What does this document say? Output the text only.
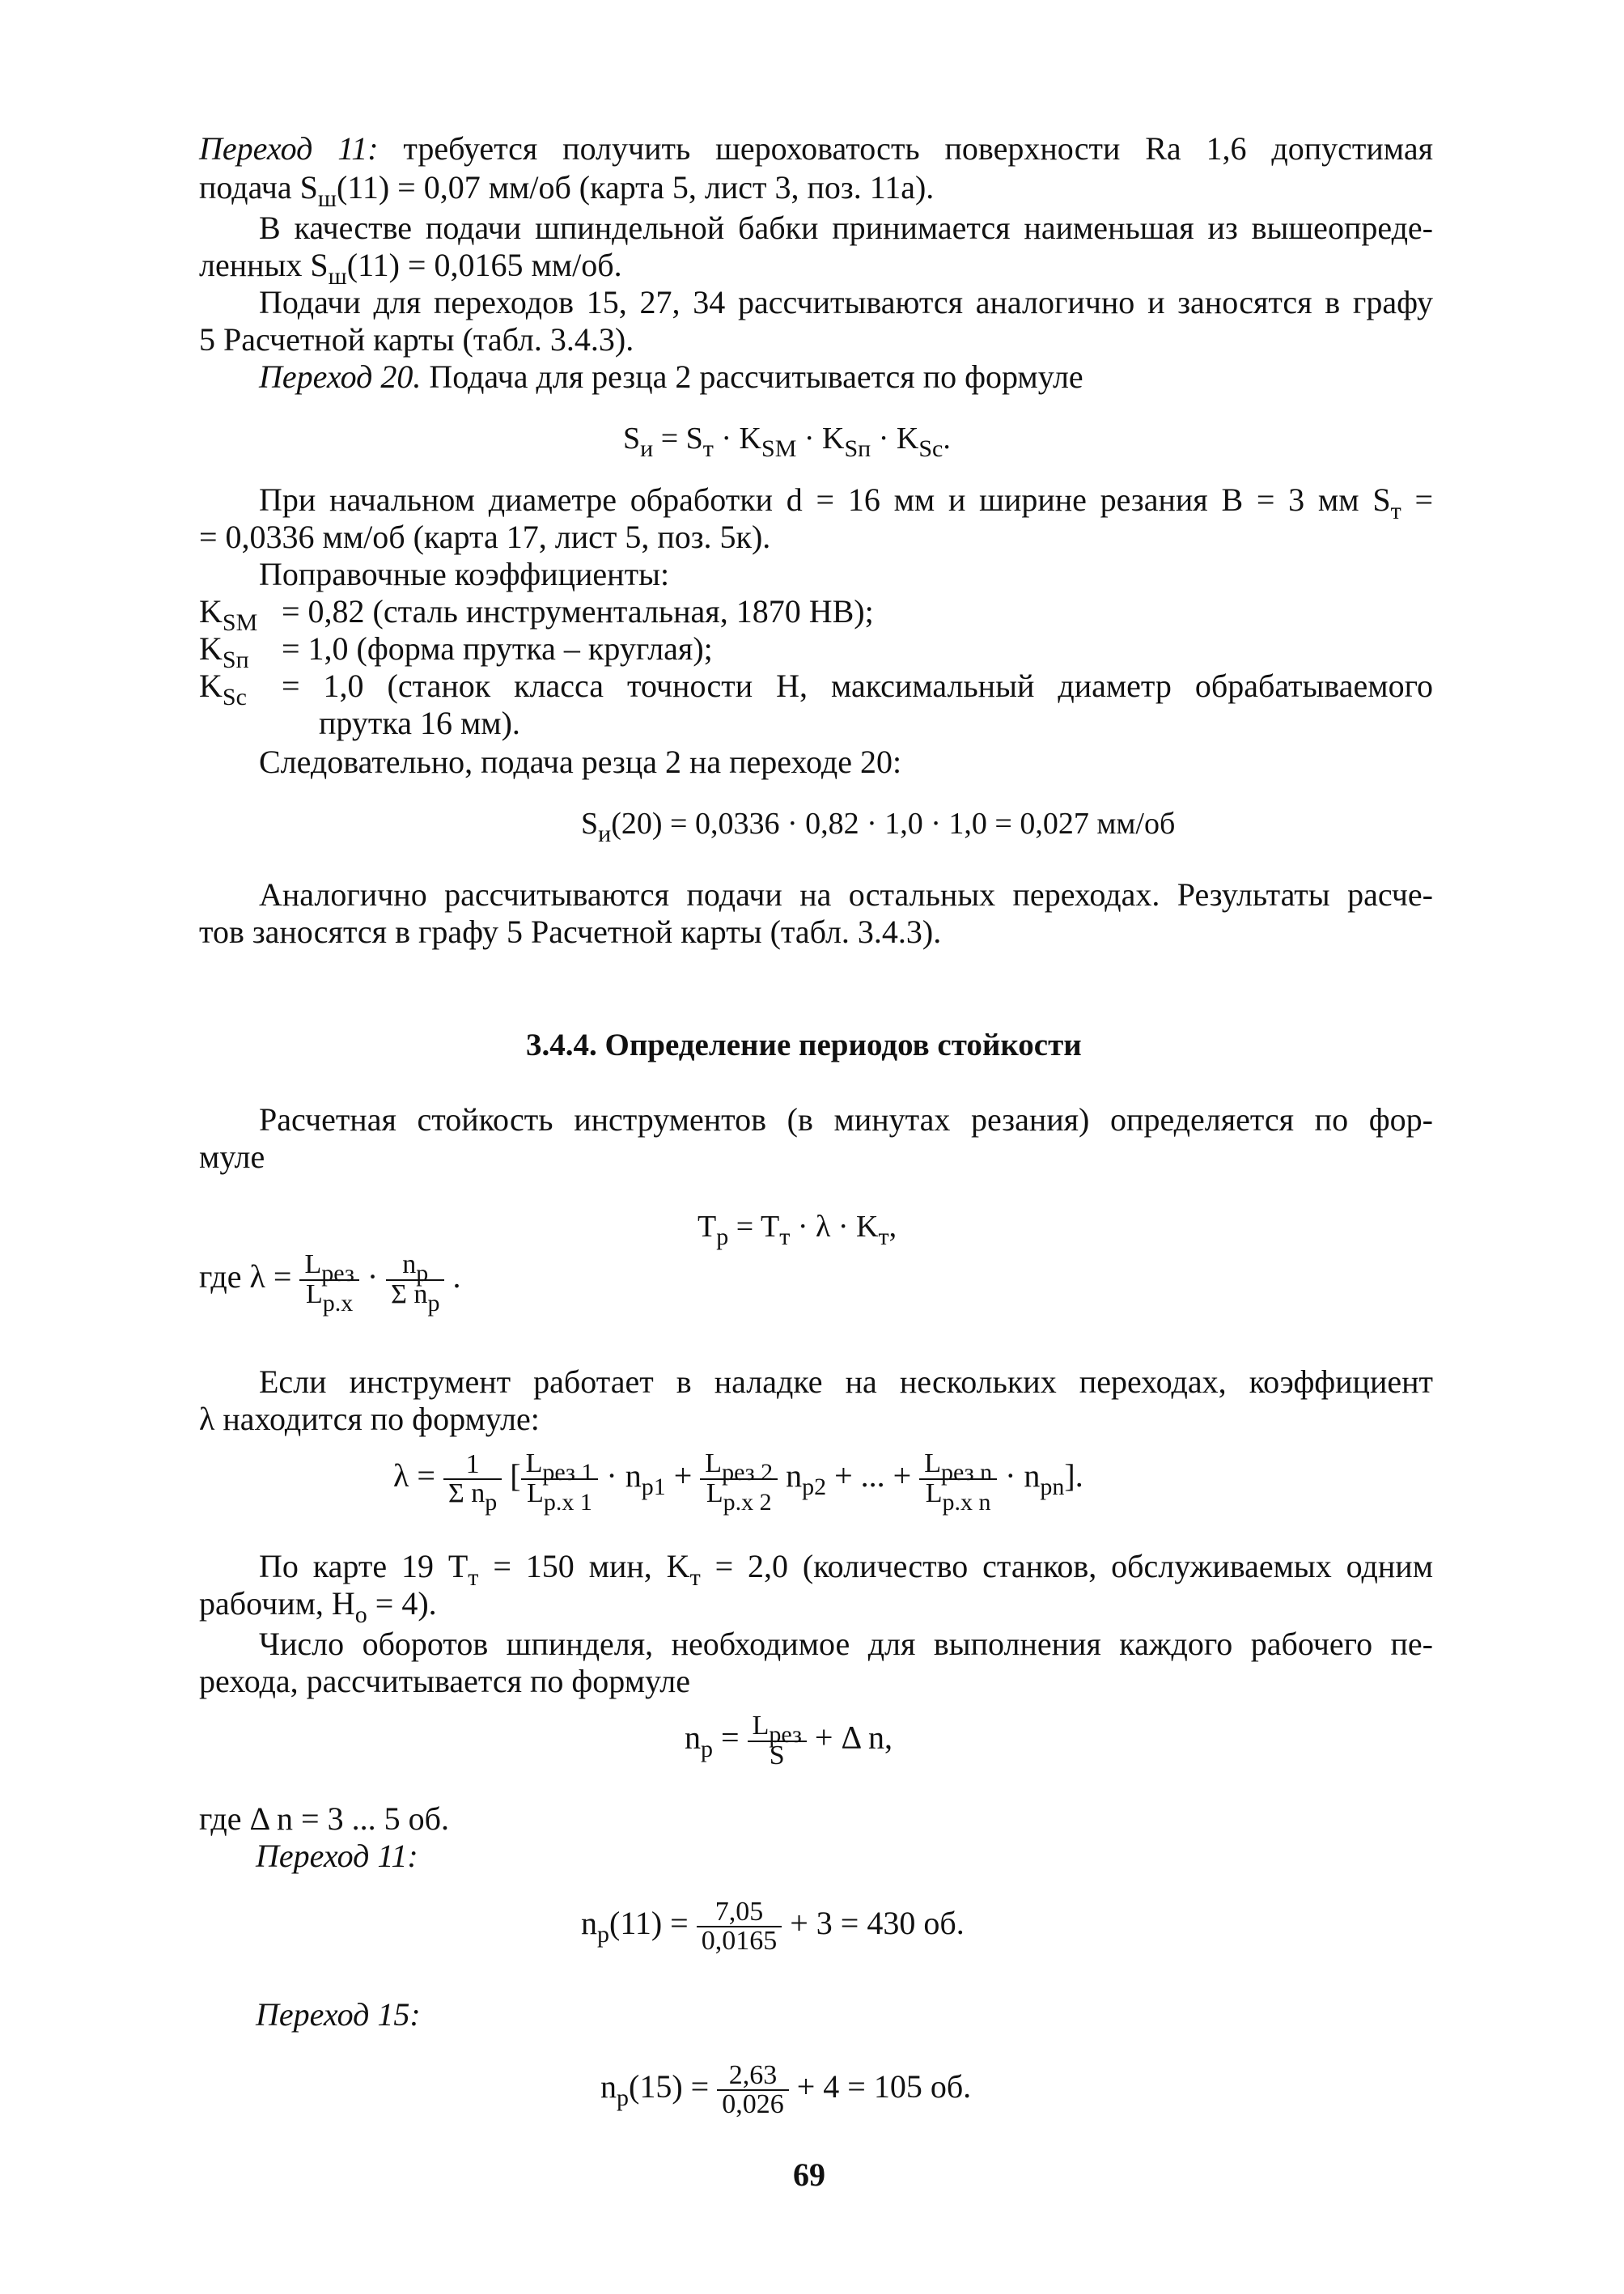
Переход 11: требуется получить шероховатость поверхности Ra 1,6 допустимая
подача $S_ш(11) = 0,07$ мм/об (карта 5, лист 3, поз. 11а).
В качестве подачи шпиндельной бабки принимается наименьшая из вышеопреде-
ленных $S_ш(11) = 0,0165$ мм/об.
Подачи для переходов 15, 27, 34 рассчитываются аналогично и заносятся в графу
5 Расчетной карты (табл. 3.4.3).
Переход 20. Подача для резца 2 рассчитывается по формуле
$S_и = S_т \cdot K_{SM} \cdot K_{Sп} \cdot K_{Sc}$.
При начальном диаметре обработки d = 16 мм и ширине резания B = 3 мм $S_т$ =
= 0,0336 мм/об (карта 17, лист 5, поз. 5к).
Поправочные коэффициенты:
$K_{SM} = 0,82$ (сталь инструментальная, 1870 HB);
$K_{Sп} = 1,0$ (форма прутка – круглая);
$K_{Sc} = 1,0$ (станок класса точности H, максимальный диаметр обрабатываемого
прутка 16 мм).
Следовательно, подача резца 2 на переходе 20:
$S_и(20) = 0,0336 \cdot 0,82 \cdot 1,0 \cdot 1,0 = 0,027$ мм/об
Аналогично рассчитываются подачи на остальных переходах. Результаты расче-
тов заносятся в графу 5 Расчетной карты (табл. 3.4.3).
3.4.4. Определение периодов стойкости
Расчетная стойкость инструментов (в минутах резания) определяется по фор-
муле
$T_p = T_т \cdot \lambda \cdot K_т$,
где $\lambda = \frac{\text{Lрез}}{Lр.х} \cdot \frac{np}{\text{Σ np}}$ .
Если инструмент работает в наладке на нескольких переходах, коэффициент
λ находится по формуле:
$\lambda = \frac{1}{\text{Σ np}}$ [ $\frac{\text{Lрез 1}}{Lр.х 1} \cdot n_{p1} + \frac{\text{Lрез 2}}{Lр.х 2} n_{p2}$ + ... + $\frac{\text{Lрез n}}{\text{Lр.х n}} \cdot n_{pn}$].
По карте 19 $T_т = 150$ мин, $K_т = 2,0$ (количество станков, обслуживаемых одним
рабочим, $H_о = 4$).
Число оборотов шпинделя, необходимое для выполнения каждого рабочего пе-
рехода, рассчитывается по формуле
$n_p = \frac{\text{Lрез}}{S} + \Delta$ n,
где Δ n = 3 ... 5 об.
Переход 11:
$n_p(11) = \frac{7,05}{0,0165} + 3 = 430$ об.
Переход 15:
$n_p(15) = \frac{2,63}{0,026} + 4 = 105$ об.
69
